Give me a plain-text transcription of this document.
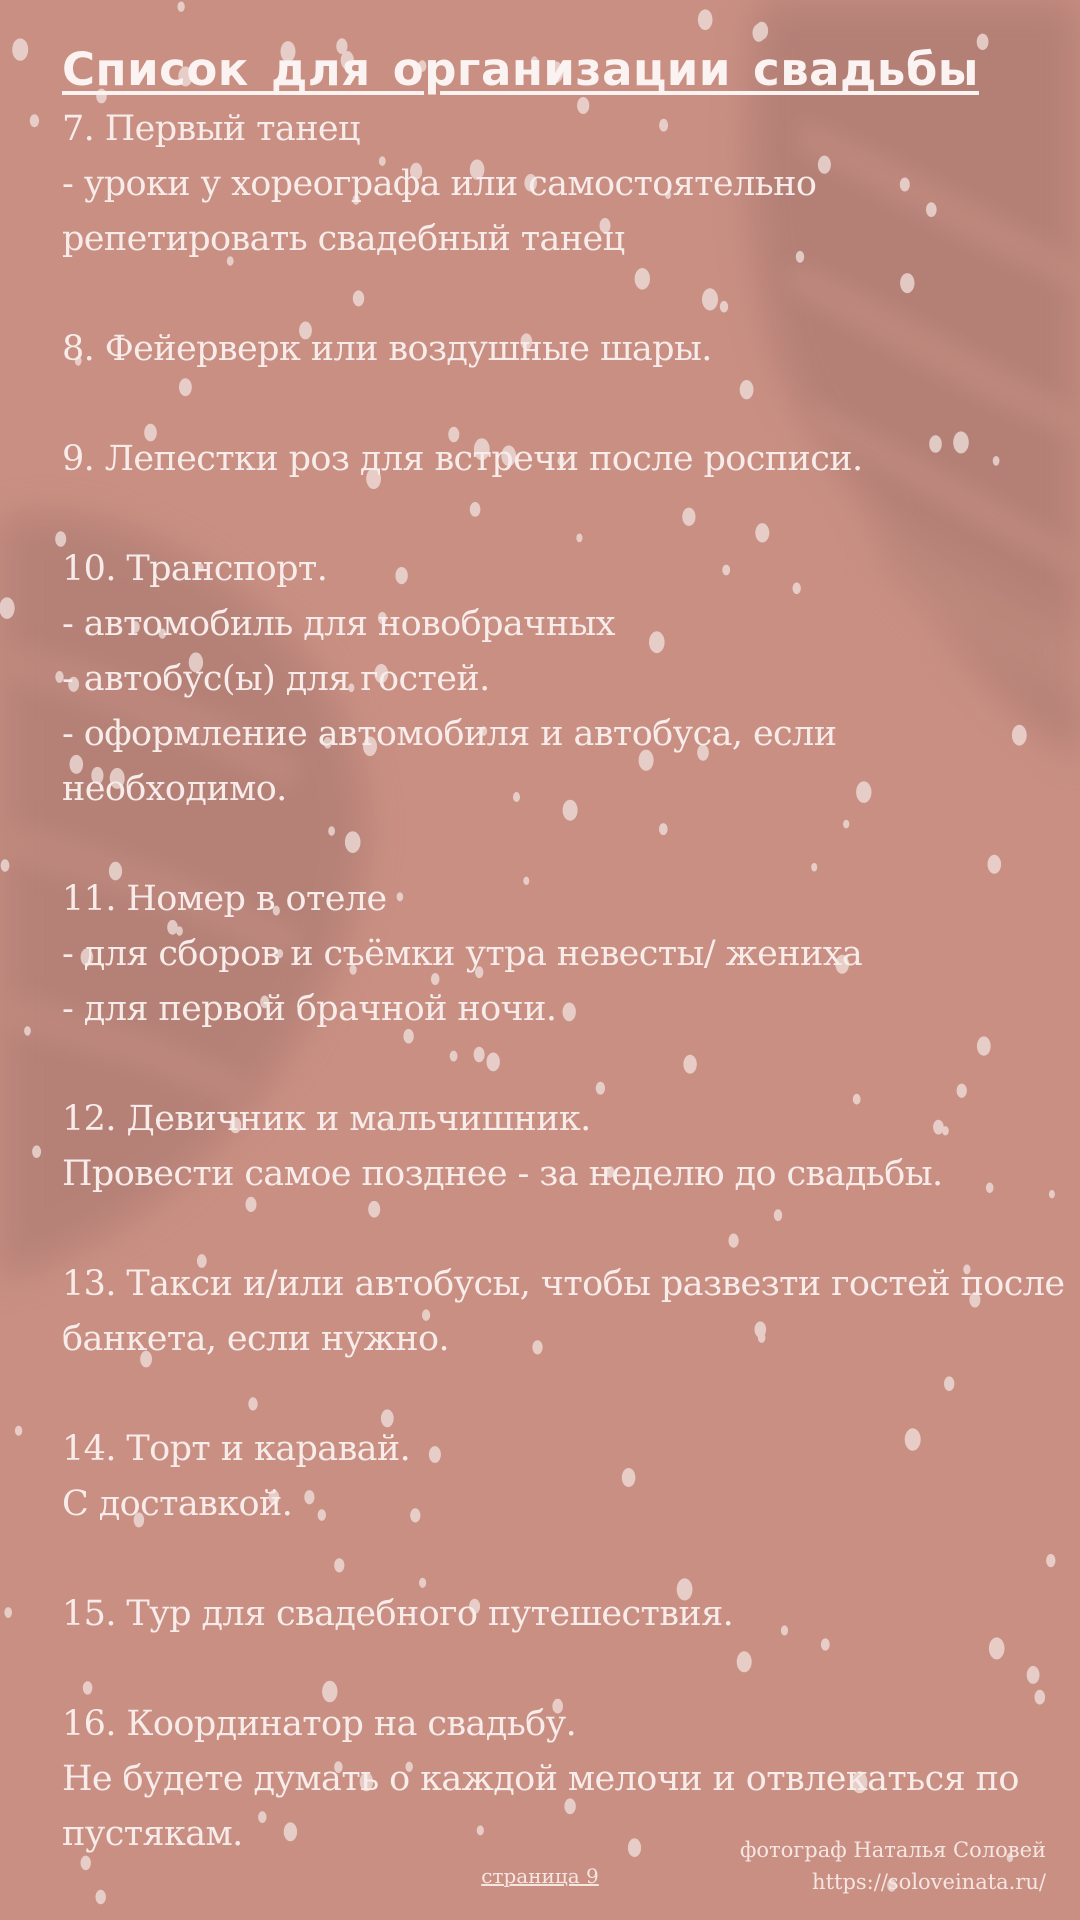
Список для организации свадьбы
7. Первый танец
- уроки у хореографа или самостоятельно
репетировать свадебный танец
8. Фейерверк или воздушные шары.
9. Лепестки роз для встречи после росписи.
10. Транспорт.
- автомобиль для новобрачных
- автобус(ы) для гостей.
- оформление автомобиля и автобуса, если
необходимо.
11. Номер в отеле
- для сборов и съёмки утра невесты/ жениха
- для первой брачной ночи.
12. Девичник и мальчишник.
Провести самое позднее - за неделю до свадьбы.
13. Такси и/или автобусы, чтобы развезти гостей после
банкета, если нужно.
14. Торт и каравай.
С доставкой.
15. Тур для свадебного путешествия.
16. Координатор на свадьбу.
Не будете думать о каждой мелочи и отвлекаться по
пустякам.
страница 9
фотограф Наталья Соловей
https://soloveinata.ru/
